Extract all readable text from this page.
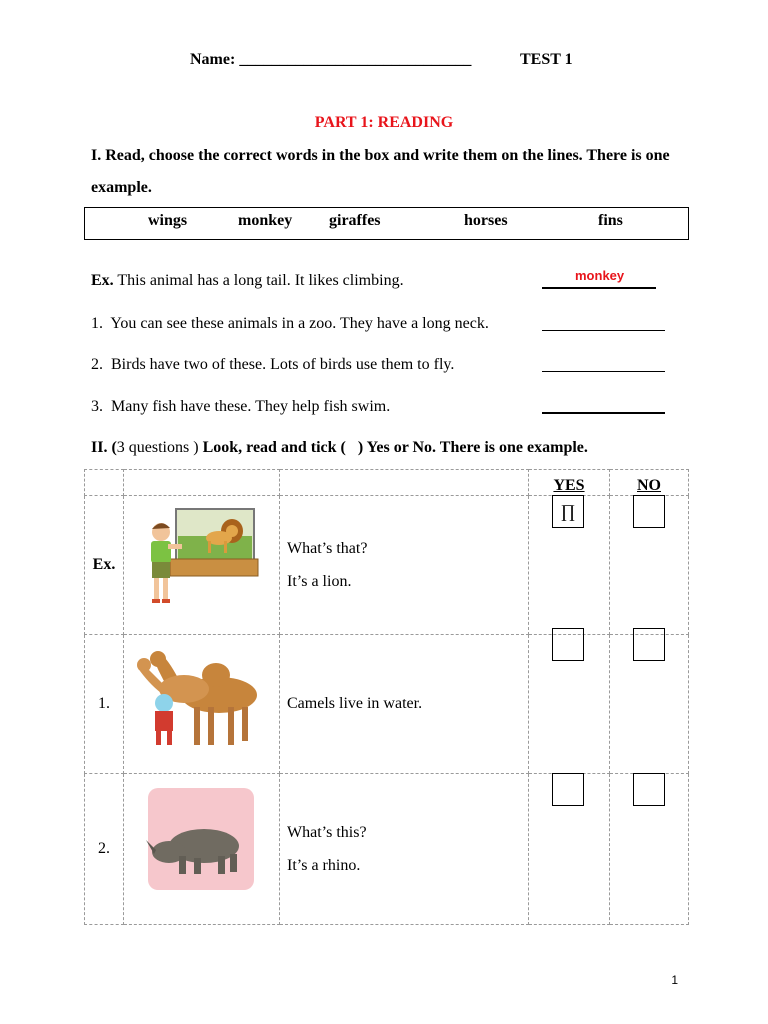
Name: _____________________________	TEST 1
PART 1: READING
I. Read, choose the correct words in the box and write them on the lines. There is one example.
wings	monkey giraffes	horses	fins
Ex. This animal has a long tail. It likes climbing.	monkey
1. You can see these animals in a zoo. They have a long neck.
2. Birds have two of these. Lots of birds use them to fly.
3. Many fish have these. They help fish swim.
II. (3 questions ) Look, read and tick ( ) Yes or No. There is one example.
			YES	NO
Ex.		What’s that?
It’s a lion.	∏	

1.		Camels live in water.		

2.		What’s this?
It’s a rhino.		

1
